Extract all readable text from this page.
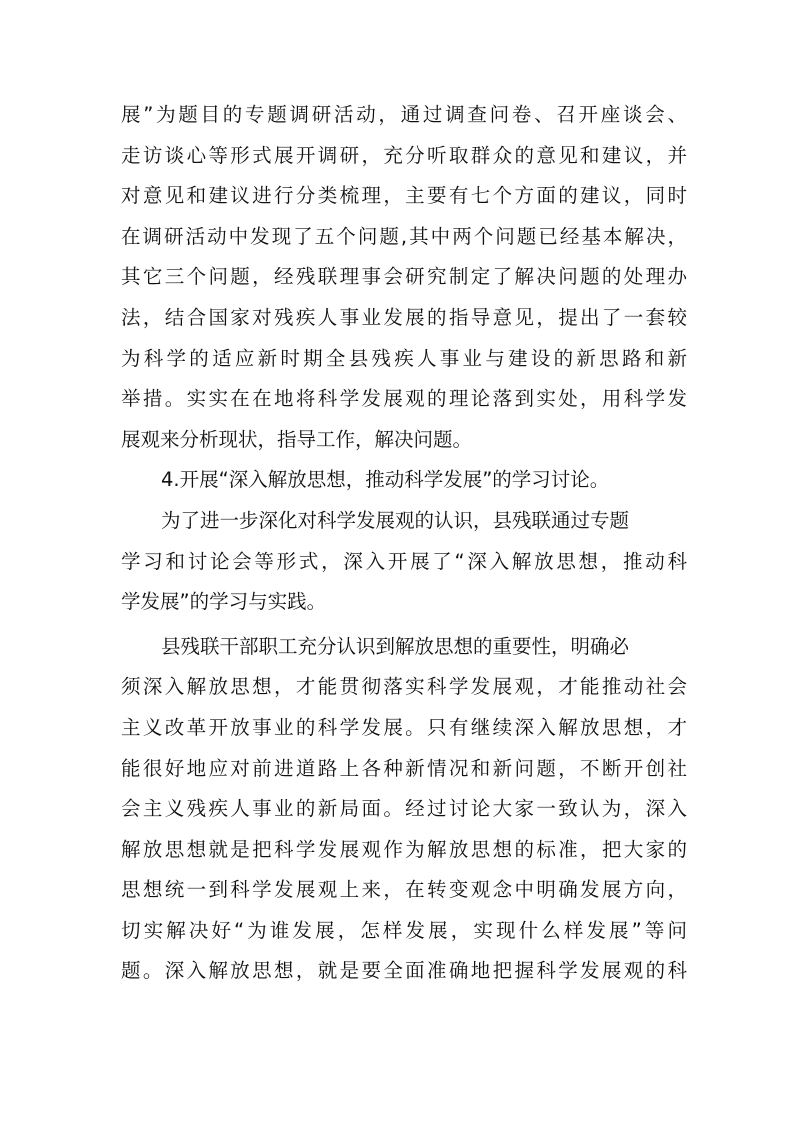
展”为题目的专题调研活动，通过调查问卷、召开座谈会、
走访谈心等形式展开调研，充分听取群众的意见和建议，并
对意见和建议进行分类梳理，主要有七个方面的建议，同时
在调研活动中发现了五个问题,其中两个问题已经基本解决，
其它三个问题，经残联理事会研究制定了解决问题的处理办
法，结合国家对残疾人事业发展的指导意见，提出了一套较
为科学的适应新时期全县残疾人事业与建设的新思路和新
举措。实实在在地将科学发展观的理论落到实处，用科学发
展观来分析现状，指导工作，解决问题。
4.开展“深入解放思想，推动科学发展”的学习讨论。
为了进一步深化对科学发展观的认识，县残联通过专题
学习和讨论会等形式，深入开展了“深入解放思想，推动科
学发展”的学习与实践。
县残联干部职工充分认识到解放思想的重要性，明确必
须深入解放思想，才能贯彻落实科学发展观，才能推动社会
主义改革开放事业的科学发展。只有继续深入解放思想，才
能很好地应对前进道路上各种新情况和新问题，不断开创社
会主义残疾人事业的新局面。经过讨论大家一致认为，深入
解放思想就是把科学发展观作为解放思想的标准，把大家的
思想统一到科学发展观上来，在转变观念中明确发展方向，
切实解决好“为谁发展，怎样发展，实现什么样发展”等问
题。深入解放思想，就是要全面准确地把握科学发展观的科
